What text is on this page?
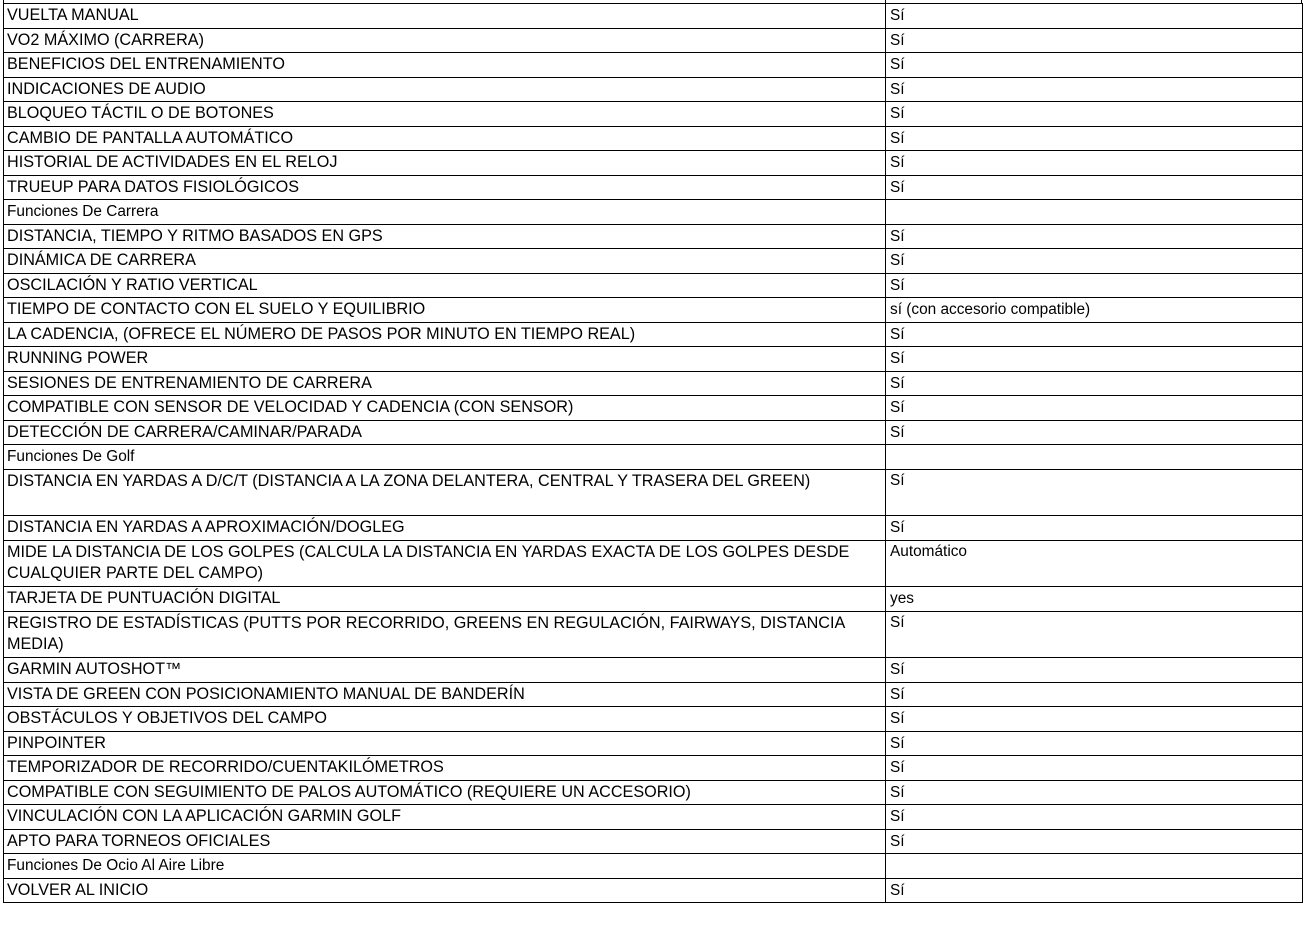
VUELTA MANUAL	Sí
VO2 MÁXIMO (CARRERA)	Sí
BENEFICIOS DEL ENTRENAMIENTO	Sí
INDICACIONES DE AUDIO	Sí
BLOQUEO TÁCTIL O DE BOTONES	Sí
CAMBIO DE PANTALLA AUTOMÁTICO	Sí
HISTORIAL DE ACTIVIDADES EN EL RELOJ	Sí
TRUEUP PARA DATOS FISIOLÓGICOS	Sí
Funciones De Carrera	
DISTANCIA, TIEMPO Y RITMO BASADOS EN GPS	Sí
DINÁMICA DE CARRERA	Sí
OSCILACIÓN Y RATIO VERTICAL	Sí
TIEMPO DE CONTACTO CON EL SUELO Y EQUILIBRIO	sí (con accesorio compatible)
LA CADENCIA, (OFRECE EL NÚMERO DE PASOS POR MINUTO EN TIEMPO REAL)	Sí
RUNNING POWER	Sí
SESIONES DE ENTRENAMIENTO DE CARRERA	Sí
COMPATIBLE CON SENSOR DE VELOCIDAD Y CADENCIA (CON SENSOR)	Sí
DETECCIÓN DE CARRERA/CAMINAR/PARADA	Sí
Funciones De Golf	
DISTANCIA EN YARDAS A D/C/T (DISTANCIA A LA ZONA DELANTERA, CENTRAL Y TRASERA DEL GREEN)	Sí
DISTANCIA EN YARDAS A APROXIMACIÓN/DOGLEG	Sí
MIDE LA DISTANCIA DE LOS GOLPES (CALCULA LA DISTANCIA EN YARDAS EXACTA DE LOS GOLPES DESDE CUALQUIER PARTE DEL CAMPO)	Automático
TARJETA DE PUNTUACIÓN DIGITAL	yes
REGISTRO DE ESTADÍSTICAS (PUTTS POR RECORRIDO, GREENS EN REGULACIÓN, FAIRWAYS, DISTANCIA MEDIA)	Sí
GARMIN AUTOSHOT™	Sí
VISTA DE GREEN CON POSICIONAMIENTO MANUAL DE BANDERÍN	Sí
OBSTÁCULOS Y OBJETIVOS DEL CAMPO	Sí
PINPOINTER	Sí
TEMPORIZADOR DE RECORRIDO/CUENTAKILÓMETROS	Sí
COMPATIBLE CON SEGUIMIENTO DE PALOS AUTOMÁTICO (REQUIERE UN ACCESORIO)	Sí
VINCULACIÓN CON LA APLICACIÓN GARMIN GOLF	Sí
APTO PARA TORNEOS OFICIALES	Sí
Funciones De Ocio Al Aire Libre	
VOLVER AL INICIO	Sí
